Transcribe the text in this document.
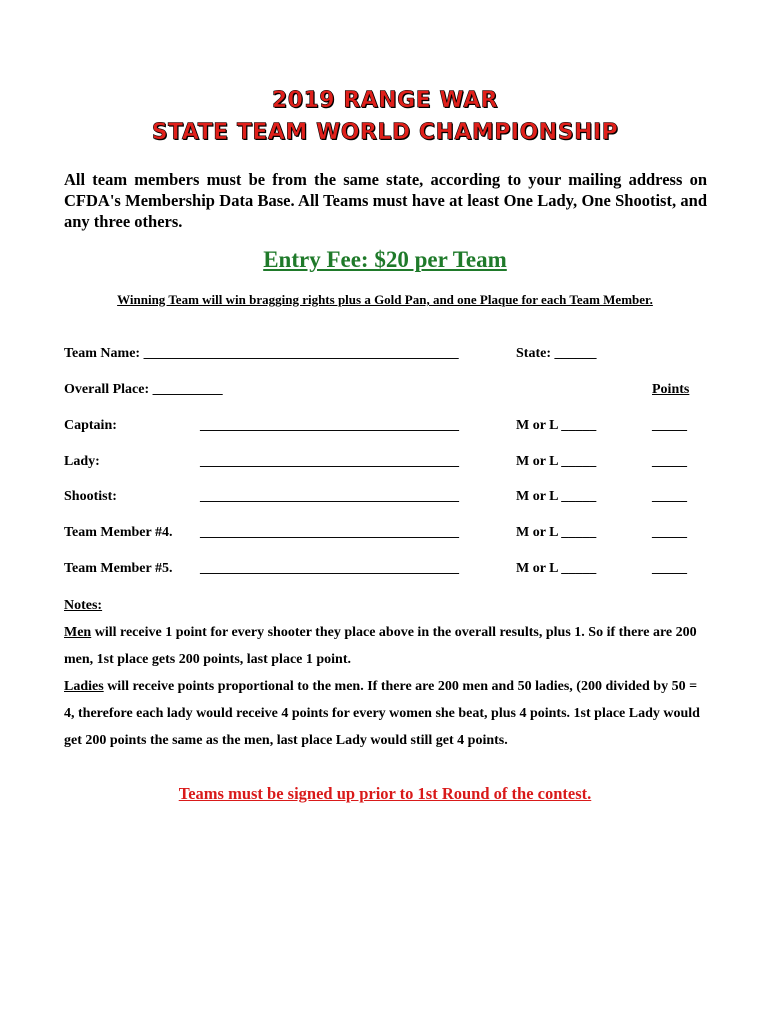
2019 RANGE WAR
STATE TEAM WORLD CHAMPIONSHIP
All team members must be from the same state, according to your mailing address on CFDA's Membership Data Base. All Teams must have at least One Lady, One Shootist, and any three others.
Entry Fee: $20 per Team
Winning Team will win bragging rights plus a Gold Pan, and one Plaque for each Team Member.
Team Name: _____________________________________________	State: ______
Overall Place: __________	Points
Captain:	_____________________________________	M or L _____	_____
Lady:	_____________________________________	M or L _____	_____
Shootist:	_____________________________________	M or L _____	_____
Team Member #4. _____________________________________	M or L _____	_____
Team Member #5. _____________________________________	M or L _____	_____

Notes:

Men will receive 1 point for every shooter they place above in the overall results, plus 1. So if there are 200 men, 1st place gets 200 points, last place 1 point.

Ladies will receive points proportional to the men. If there are 200 men and 50 ladies, (200 divided by 50 = 4, therefore each lady would receive 4 points for every women she beat, plus 4 points. 1st place Lady would get 200 points the same as the men, last place Lady would still get 4 points.

Teams must be signed up prior to 1st Round of the contest.
